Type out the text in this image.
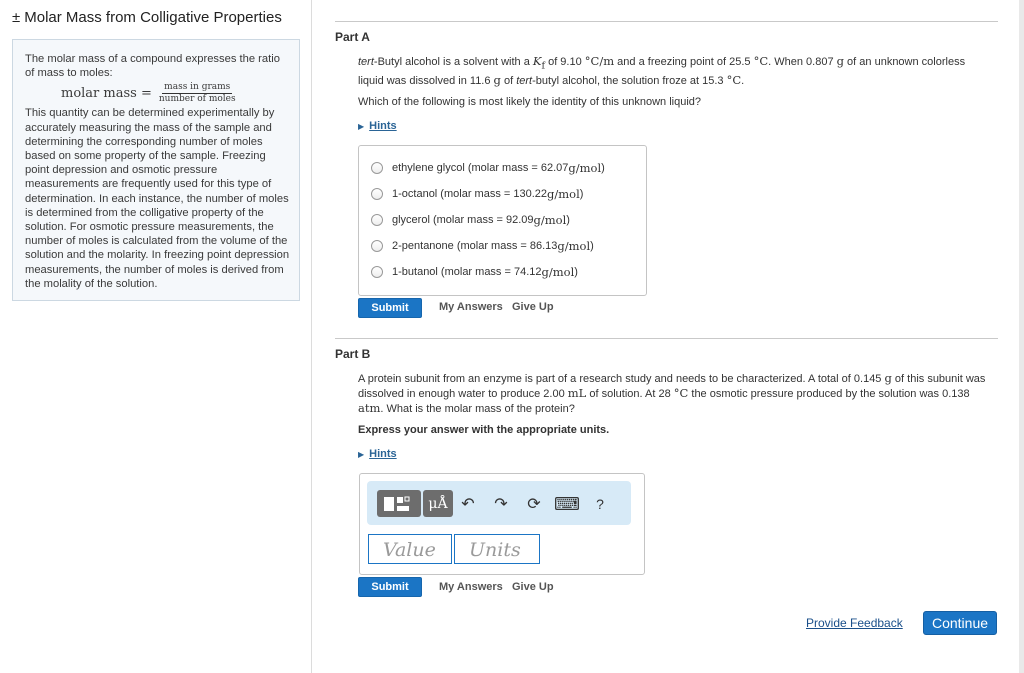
± Molar Mass from Colligative Properties
The molar mass of a compound expresses the ratio of mass to moles:
molar mass = $\frac{\text{mass in grams}}{\text{number of moles}}$
This quantity can be determined experimentally by accurately measuring the mass of the sample and determining the corresponding number of moles based on some property of the sample. Freezing point depression and osmotic pressure measurements are frequently used for this type of determination. In each instance, the number of moles is determined from the colligative property of the solution. For osmotic pressure measurements, the number of moles is calculated from the volume of the solution and the molarity. In freezing point depression measurements, the number of moles is derived from the molality of the solution.
Part A
tert-Butyl alcohol is a solvent with a $K_f$ of 9.10 °C/m and a freezing point of 25.5 °C. When 0.807 g of an unknown colorless liquid was dissolved in 11.6 g of tert-butyl alcohol, the solution froze at 15.3 °C.
Which of the following is most likely the identity of this unknown liquid?
▶ Hints
ethylene glycol (molar mass = 62.07 g/mol )
1-octanol (molar mass = 130.22 g/mol )
glycerol (molar mass = 92.09 g/mol )
2-pentanone (molar mass = 86.13 g/mol )
1-butanol (molar mass = 74.12 g/mol )
Submit	My Answers Give Up
Part B
A protein subunit from an enzyme is part of a research study and needs to be characterized. A total of 0.145 g of this subunit was dissolved in enough water to produce 2.00 mL of solution. At 28 °C the osmotic pressure produced by the solution was 0.138 atm. What is the molar mass of the protein?
Express your answer with the appropriate units.
▶ Hints
μÅ ↶ ↷ ⟳ ⌨	?
Value	Units
Submit	My Answers Give Up
Provide Feedback	Continue
